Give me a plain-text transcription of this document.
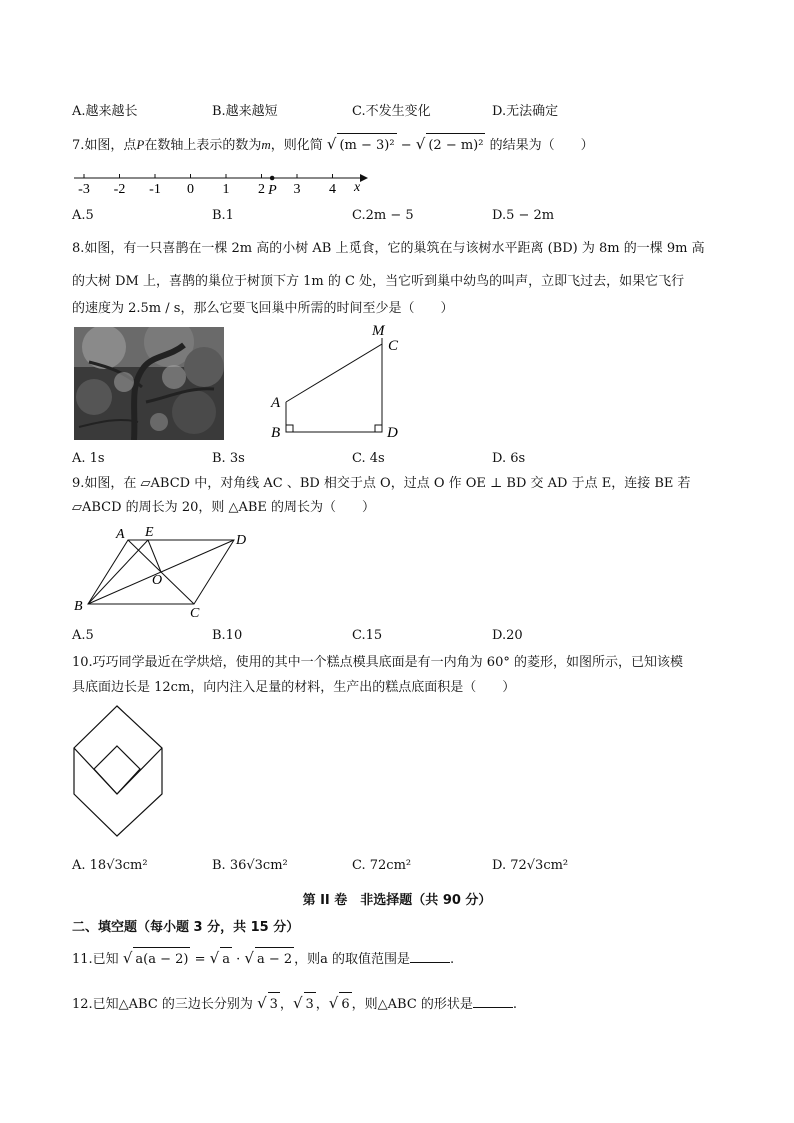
A.越来越长	B.越来越短	C.不发生变化	D.无法确定
7.如图，点P在数轴上表示的数为m，则化简 √ (m − 3)² − √ (2 − m)² 的结果为（　　）
-3 -2 -1 0 1 2 3 4
P	x
A.5	B.1	C.2m − 5	D.5 − 2m
8.如图，有一只喜鹊在一棵 2m 高的小树 AB 上觅食，它的巢筑在与该树水平距离 (BD) 为 8m 的一棵 9m 高
的大树 DM 上，喜鹊的巢位于树顶下方 1m 的 C 处，当它听到巢中幼鸟的叫声，立即飞过去，如果它飞行
的速度为 2.5m / s，那么它要飞回巢中所需的时间至少是（　　）
M
C
A
B	D
A. 1s	B. 3s	C. 4s	D. 6s
9.如图，在 ▱ABCD 中，对角线 AC 、BD 相交于点 O，过点 O 作 OE ⊥ BD 交 AD 于点 E，连接 BE 若
▱ABCD 的周长为 20，则 △ABE 的周长为（　　）
A E
D
O
B	C
A.5	B.10	C.15	D.20
10.巧巧同学最近在学烘焙，使用的其中一个糕点模具底面是有一内角为 60° 的菱形，如图所示，已知该模
具底面边长是 12cm，向内注入足量的材料，生产出的糕点底面积是（　　）
A. 18√3cm²	B. 36√3cm²	C. 72cm²	D. 72√3cm²
第 II 卷　非选择题（共 90 分）
二、填空题（每小题 3 分，共 15 分）
11.已知 √ a(a − 2) = √ a · √ a − 2 ，则a 的取值范围是	.
12.已知△ABC 的三边长分别为 √ 3 ，√ 3 ，√ 6 ，则△ABC 的形状是	.
